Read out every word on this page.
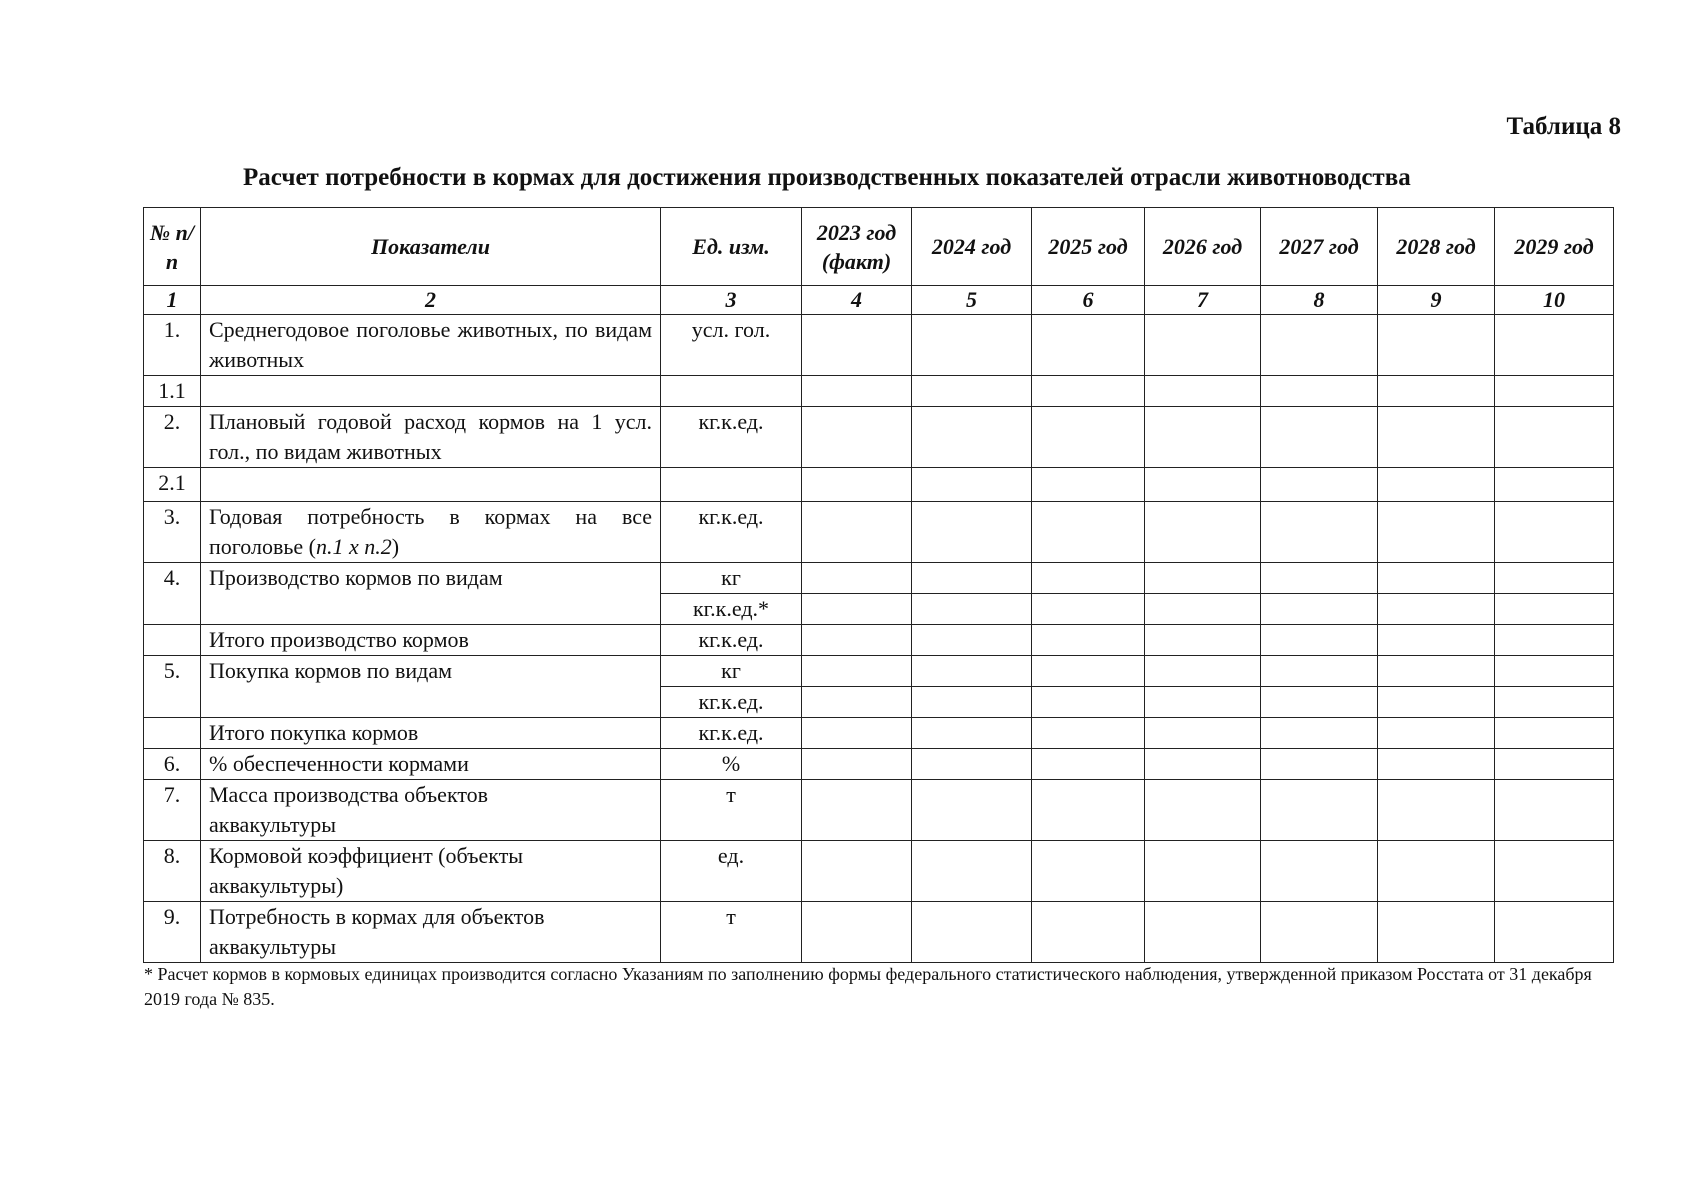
Таблица 8
Расчет потребности в кормах для достижения производственных показателей отрасли животноводства
№ п/п	Показатели	Ед. изм.	2023 год (факт)	2024 год	2025 год	2026 год	2027 год	2028 год	2029 год
1	2	3	4	5	6	7	8	9	10
1.	Среднегодовое поголовье животных, по видам животных	усл. гол.							
1.1									
2.	Плановый годовой расход кормов на 1 усл. гол., по видам животных	кг.к.ед.							
2.1									
3.	Годовая потребность в кормах на все поголовье (п.1 х п.2)	кг.к.ед.							
4.	Производство кормов по видам	кг							
		кг.к.ед.*							
	Итого производство кормов	кг.к.ед.							
5.	Покупка кормов по видам	кг							
		кг.к.ед.							
	Итого покупка кормов	кг.к.ед.							
6.	% обеспеченности кормами	%							
7.	Масса производства объектов аквакультуры	т							
8.	Кормовой коэффициент (объекты аквакультуры)	ед.							
9.	Потребность в кормах для объектов аквакультуры	т							
* Расчет кормов в кормовых единицах производится согласно Указаниям по заполнению формы федерального статистического наблюдения, утвержденной приказом Росстата от 31 декабря 2019 года № 835.
